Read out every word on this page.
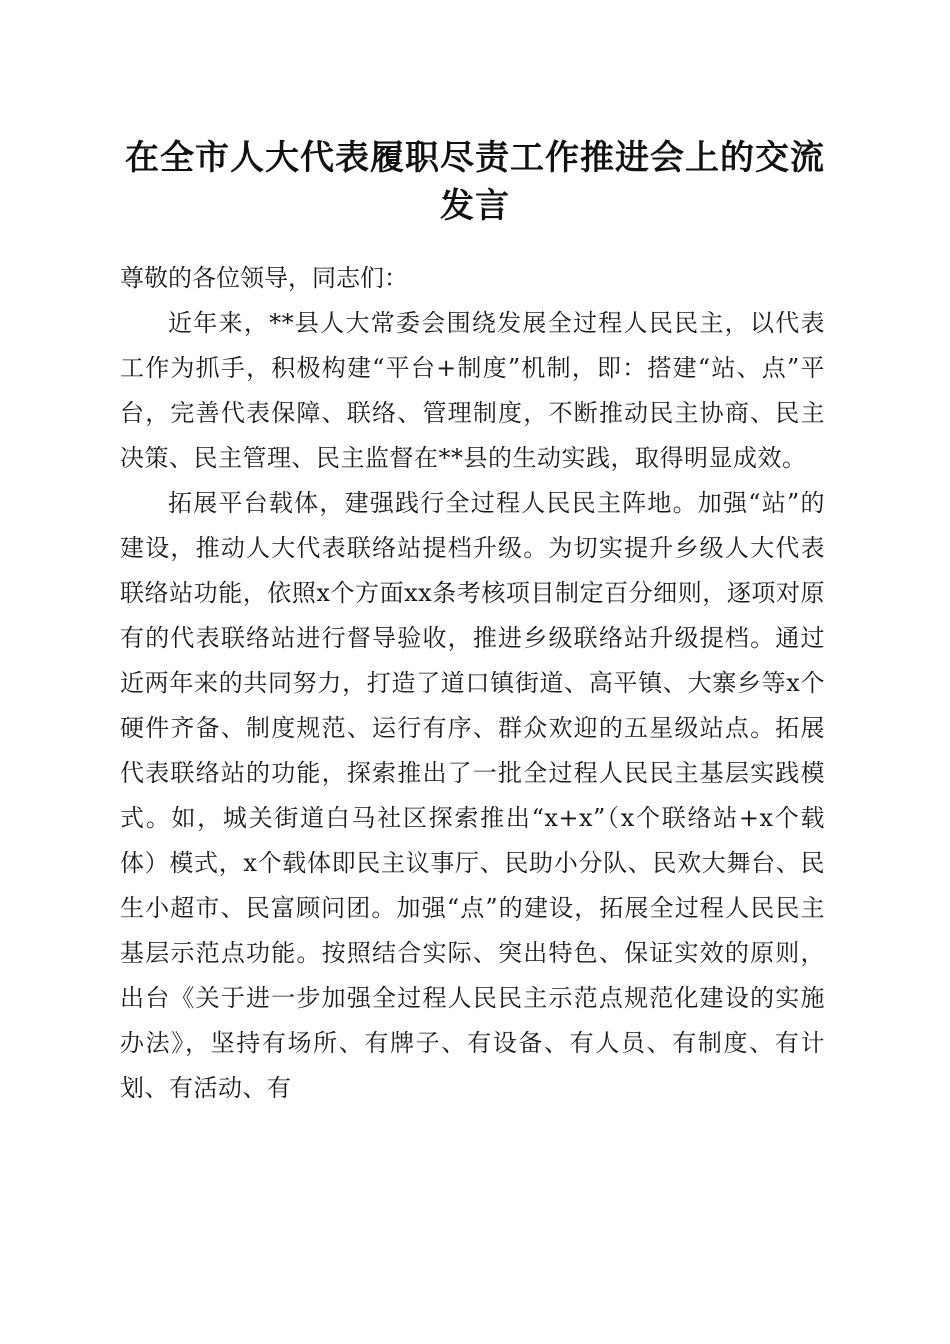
在全市人大代表履职尽责工作推进会上的交流
发言

尊敬的各位领导，同志们：

近年来，**县人大常委会围绕发展全过程人民民主，以代表工作为抓手，积极构建“平台+制度”机制，即：搭建“站、点”平台，完善代表保障、联络、管理制度，不断推动民主协商、民主决策、民主管理、民主监督在**县的生动实践，取得明显成效。

拓展平台载体，建强践行全过程人民民主阵地。加强“站”的建设，推动人大代表联络站提档升级。为切实提升乡级人大代表联络站功能，依照x个方面xx条考核项目制定百分细则，逐项对原有的代表联络站进行督导验收，推进乡级联络站升级提档。通过近两年来的共同努力，打造了道口镇街道、高平镇、大寨乡等x个硬件齐备、制度规范、运行有序、群众欢迎的五星级站点。拓展代表联络站的功能，探索推出了一批全过程人民民主基层实践模式。如，城关街道白马社区探索推出“x+x”（x个联络站+x个载体）模式，x个载体即民主议事厅、民助小分队、民欢大舞台、民生小超市、民富顾问团。加强“点”的建设，拓展全过程人民民主基层示范点功能。按照结合实际、突出特色、保证实效的原则，出台《关于进一步加强全过程人民民主示范点规范化建设的实施办法》，坚持有场所、有牌子、有设备、有人员、有制度、有计划、有活动、有
